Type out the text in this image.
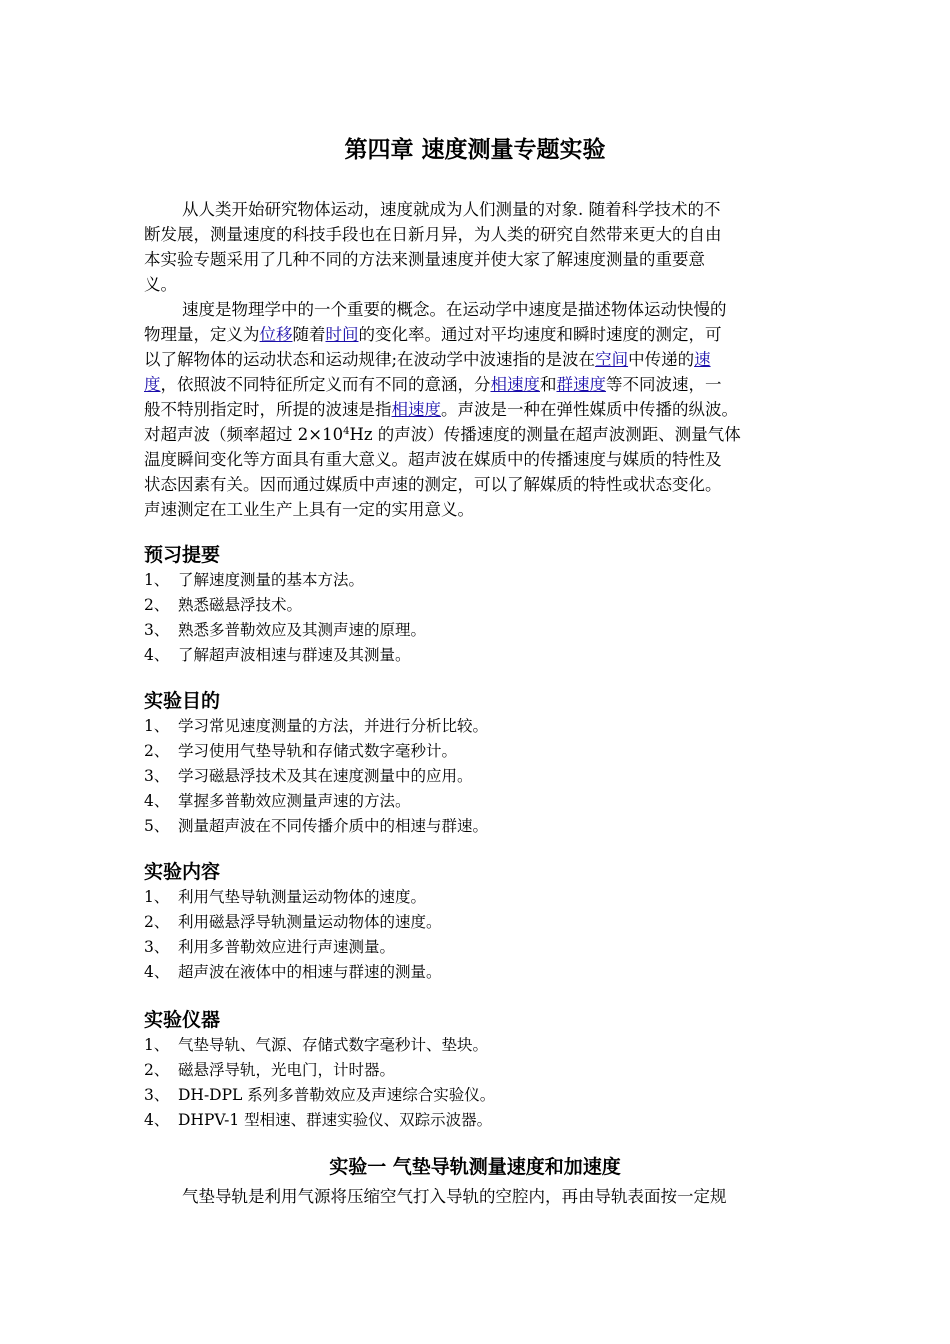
第四章 速度测量专题实验
从人类开始研究物体运动，速度就成为人们测量的对象. 随着科学技术的不
断发展，测量速度的科技手段也在日新月异，为人类的研究自然带来更大的自由
本实验专题采用了几种不同的方法来测量速度并使大家了解速度测量的重要意
义。
速度是物理学中的一个重要的概念。在运动学中速度是描述物体运动快慢的
物理量，定义为位移随着时间的变化率。通过对平均速度和瞬时速度的测定，可
以了解物体的运动状态和运动规律;在波动学中波速指的是波在空间中传递的速
度，依照波不同特征所定义而有不同的意涵，分相速度和群速度等不同波速，一
般不特別指定时，所提的波速是指相速度。声波是一种在弹性媒质中传播的纵波。
对超声波（频率超过 $2\times 10^4Hz$ 的声波）传播速度的测量在超声波测距、测量气体
温度瞬间变化等方面具有重大意义。超声波在媒质中的传播速度与媒质的特性及
状态因素有关。因而通过媒质中声速的测定，可以了解媒质的特性或状态变化。
声速测定在工业生产上具有一定的实用意义。
预习提要
1、 了解速度测量的基本方法。
2、 熟悉磁悬浮技术。
3、 熟悉多普勒效应及其测声速的原理。
4、 了解超声波相速与群速及其测量。
实验目的
1、 学习常见速度测量的方法，并进行分析比较。
2、 学习使用气垫导轨和存储式数字毫秒计。
3、 学习磁悬浮技术及其在速度测量中的应用。
4、 掌握多普勒效应测量声速的方法。
5、 测量超声波在不同传播介质中的相速与群速。
实验内容
1、 利用气垫导轨测量运动物体的速度。
2、 利用磁悬浮导轨测量运动物体的速度。
3、 利用多普勒效应进行声速测量。
4、 超声波在液体中的相速与群速的测量。
实验仪器
1、 气垫导轨、气源、存储式数字毫秒计、垫块。
2、 磁悬浮导轨，光电门，计时器。
3、 DH-DPL 系列多普勒效应及声速综合实验仪。
4、 DHPV-1 型相速、群速实验仪、双踪示波器。
实验一 气垫导轨测量速度和加速度
气垫导轨是利用气源将压缩空气打入导轨的空腔内，再由导轨表面按一定规
